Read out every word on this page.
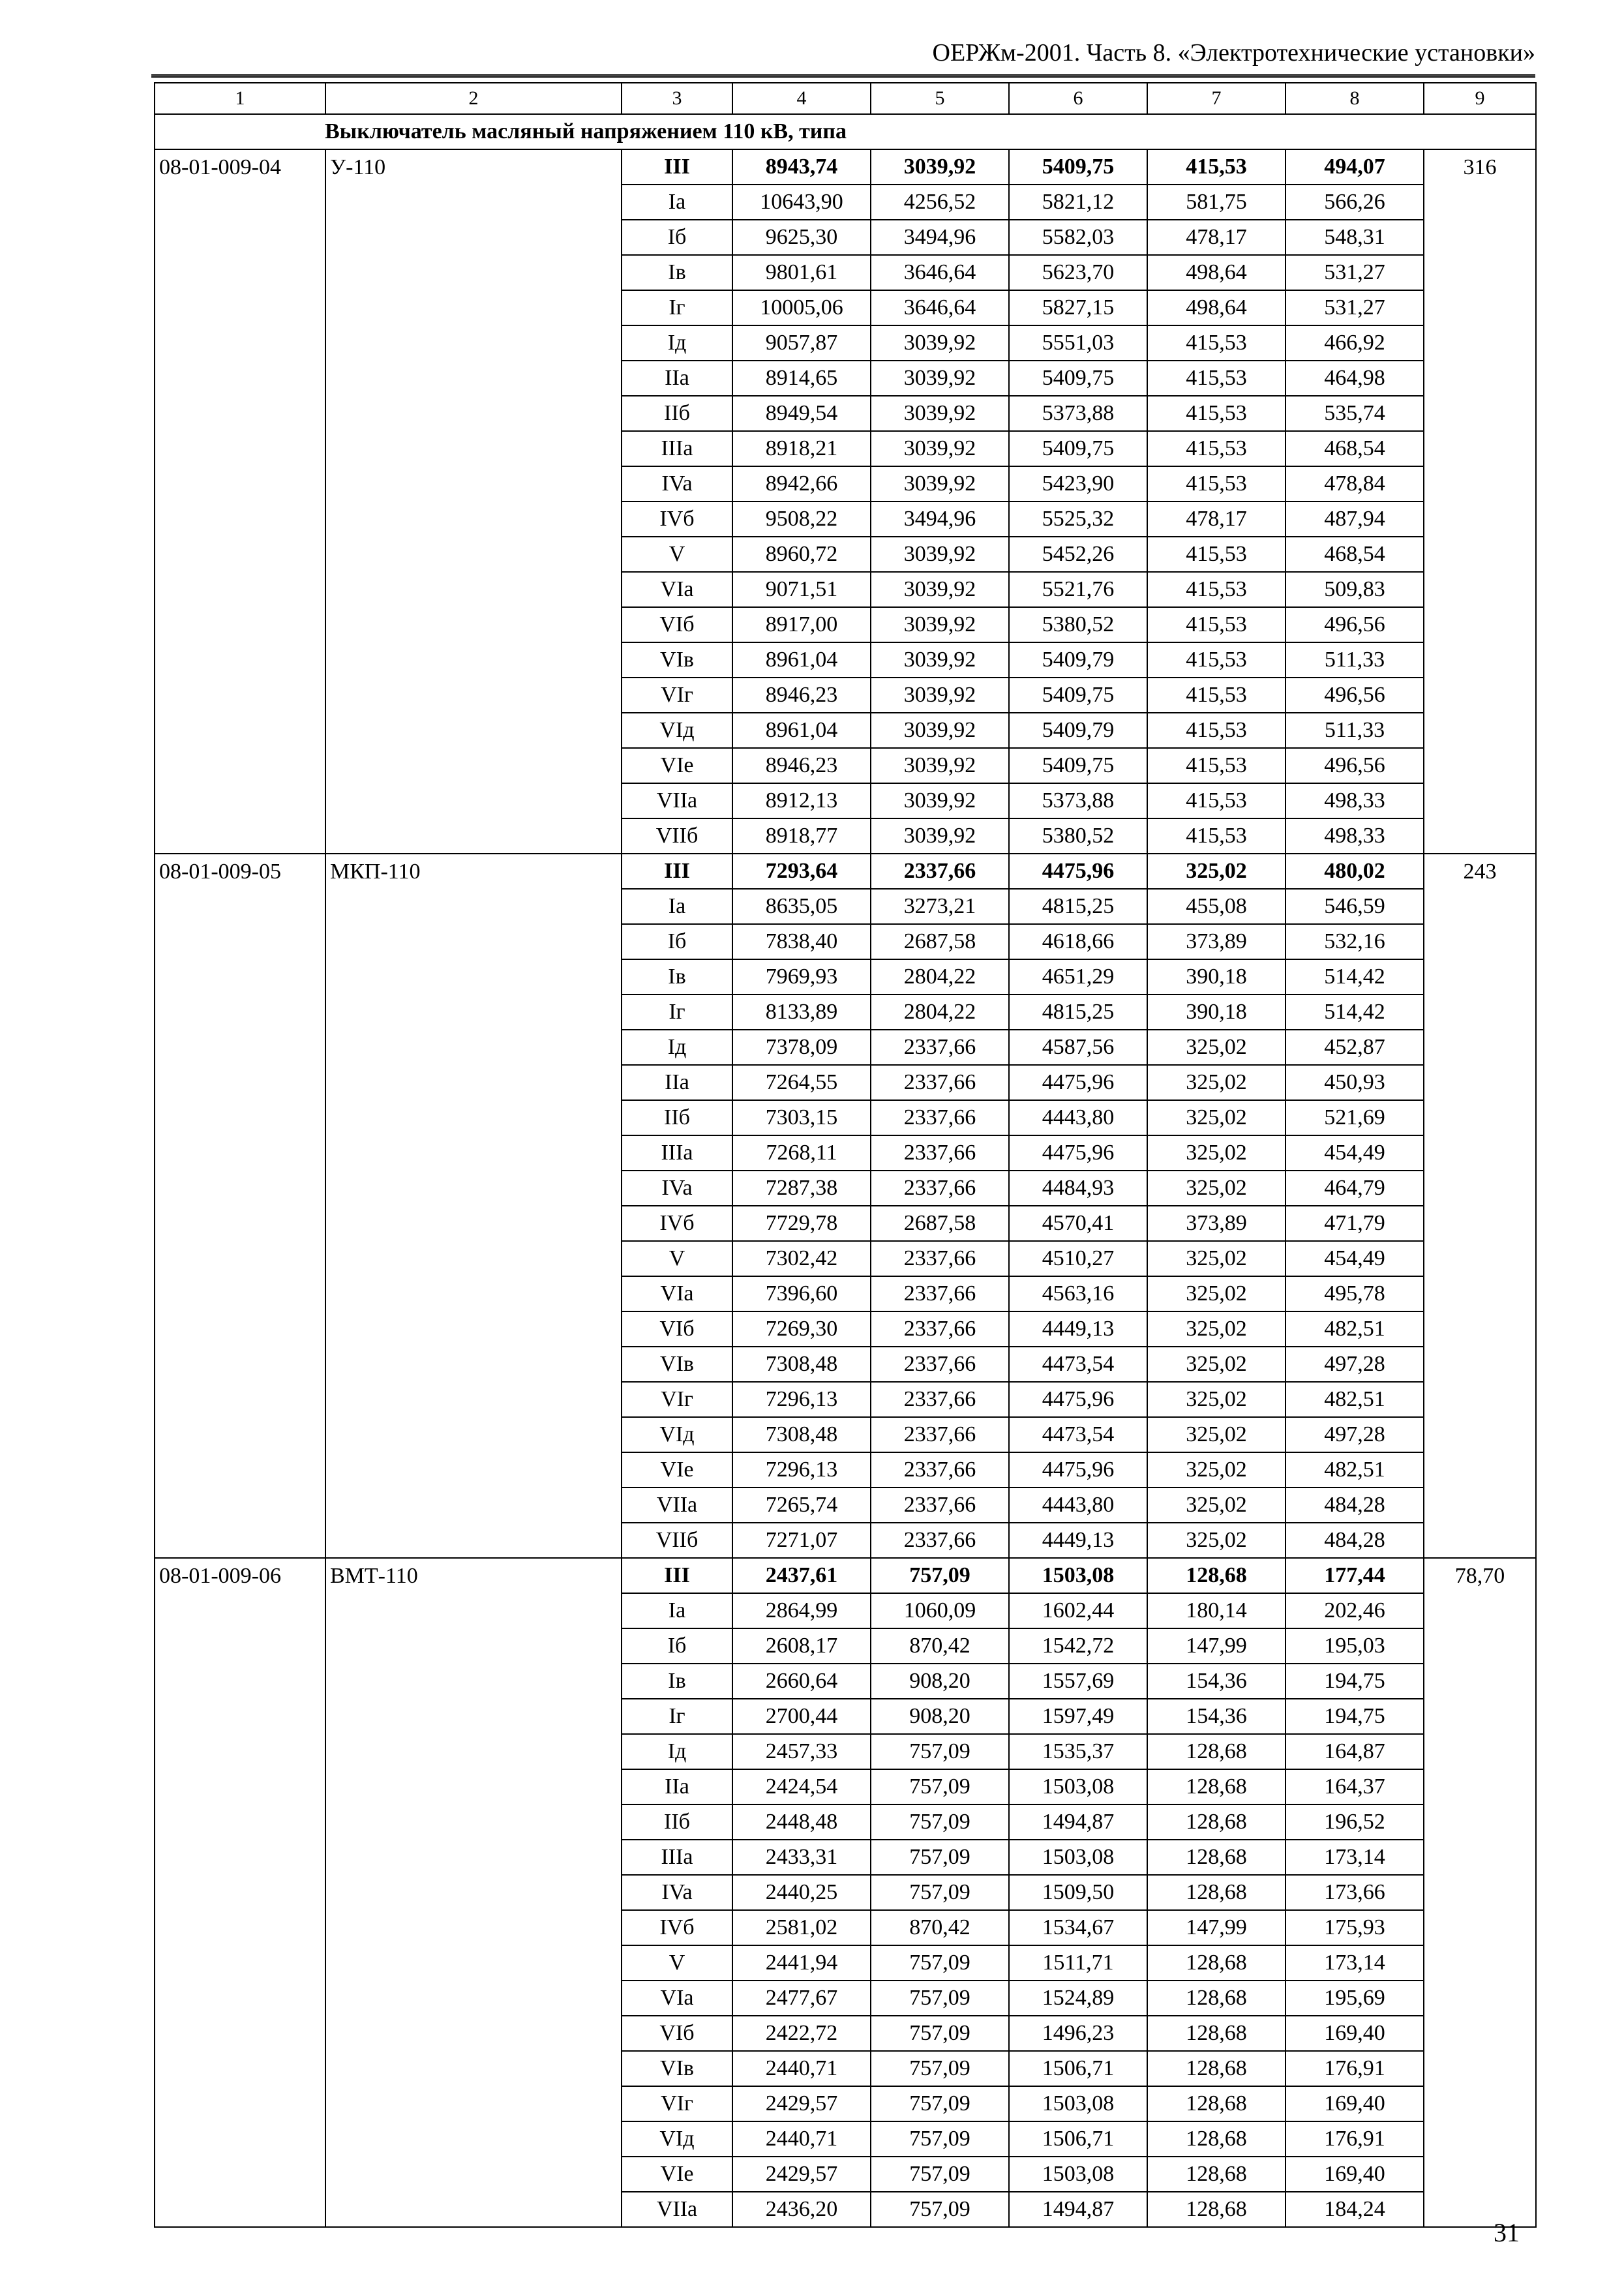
ОЕРЖм-2001. Часть 8. «Электротехнические установки»
1	2	3	4	5	6	7	8	9
Выключатель масляный напряжением 110 кВ, типа								
08-01-009-04	У-110	III	8943,74	3039,92	5409,75	415,53	494,07	316
		Ia	10643,90	4256,52	5821,12	581,75	566,26	
		Iб	9625,30	3494,96	5582,03	478,17	548,31	
		Iв	9801,61	3646,64	5623,70	498,64	531,27	
		Iг	10005,06	3646,64	5827,15	498,64	531,27	
		Iд	9057,87	3039,92	5551,03	415,53	466,92	
		IIa	8914,65	3039,92	5409,75	415,53	464,98	
		IIб	8949,54	3039,92	5373,88	415,53	535,74	
		IIIa	8918,21	3039,92	5409,75	415,53	468,54	
		IVa	8942,66	3039,92	5423,90	415,53	478,84	
		IVб	9508,22	3494,96	5525,32	478,17	487,94	
		V	8960,72	3039,92	5452,26	415,53	468,54	
		VIa	9071,51	3039,92	5521,76	415,53	509,83	
		VIб	8917,00	3039,92	5380,52	415,53	496,56	
		VIв	8961,04	3039,92	5409,79	415,53	511,33	
		VIг	8946,23	3039,92	5409,75	415,53	496,56	
		VIд	8961,04	3039,92	5409,79	415,53	511,33	
		VIe	8946,23	3039,92	5409,75	415,53	496,56	
		VIIa	8912,13	3039,92	5373,88	415,53	498,33	
		VIIб	8918,77	3039,92	5380,52	415,53	498,33	
08-01-009-05	МКП-110	III	7293,64	2337,66	4475,96	325,02	480,02	243
		Ia	8635,05	3273,21	4815,25	455,08	546,59	
		Iб	7838,40	2687,58	4618,66	373,89	532,16	
		Iв	7969,93	2804,22	4651,29	390,18	514,42	
		Iг	8133,89	2804,22	4815,25	390,18	514,42	
		Iд	7378,09	2337,66	4587,56	325,02	452,87	
		IIa	7264,55	2337,66	4475,96	325,02	450,93	
		IIб	7303,15	2337,66	4443,80	325,02	521,69	
		IIIa	7268,11	2337,66	4475,96	325,02	454,49	
		IVa	7287,38	2337,66	4484,93	325,02	464,79	
		IVб	7729,78	2687,58	4570,41	373,89	471,79	
		V	7302,42	2337,66	4510,27	325,02	454,49	
		VIa	7396,60	2337,66	4563,16	325,02	495,78	
		VIб	7269,30	2337,66	4449,13	325,02	482,51	
		VIв	7308,48	2337,66	4473,54	325,02	497,28	
		VIг	7296,13	2337,66	4475,96	325,02	482,51	
		VIд	7308,48	2337,66	4473,54	325,02	497,28	
		VIe	7296,13	2337,66	4475,96	325,02	482,51	
		VIIa	7265,74	2337,66	4443,80	325,02	484,28	
		VIIб	7271,07	2337,66	4449,13	325,02	484,28	
08-01-009-06	ВМТ-110	III	2437,61	757,09	1503,08	128,68	177,44	78,70
		Ia	2864,99	1060,09	1602,44	180,14	202,46	
		Iб	2608,17	870,42	1542,72	147,99	195,03	
		Iв	2660,64	908,20	1557,69	154,36	194,75	
		Iг	2700,44	908,20	1597,49	154,36	194,75	
		Iд	2457,33	757,09	1535,37	128,68	164,87	
		IIa	2424,54	757,09	1503,08	128,68	164,37	
		IIб	2448,48	757,09	1494,87	128,68	196,52	
		IIIa	2433,31	757,09	1503,08	128,68	173,14	
		IVa	2440,25	757,09	1509,50	128,68	173,66	
		IVб	2581,02	870,42	1534,67	147,99	175,93	
		V	2441,94	757,09	1511,71	128,68	173,14	
		VIa	2477,67	757,09	1524,89	128,68	195,69	
		VIб	2422,72	757,09	1496,23	128,68	169,40	
		VIв	2440,71	757,09	1506,71	128,68	176,91	
		VIг	2429,57	757,09	1503,08	128,68	169,40	
		VIд	2440,71	757,09	1506,71	128,68	176,91	
		VIe	2429,57	757,09	1503,08	128,68	169,40	
		VIIa	2436,20	757,09	1494,87	128,68	184,24	
31
